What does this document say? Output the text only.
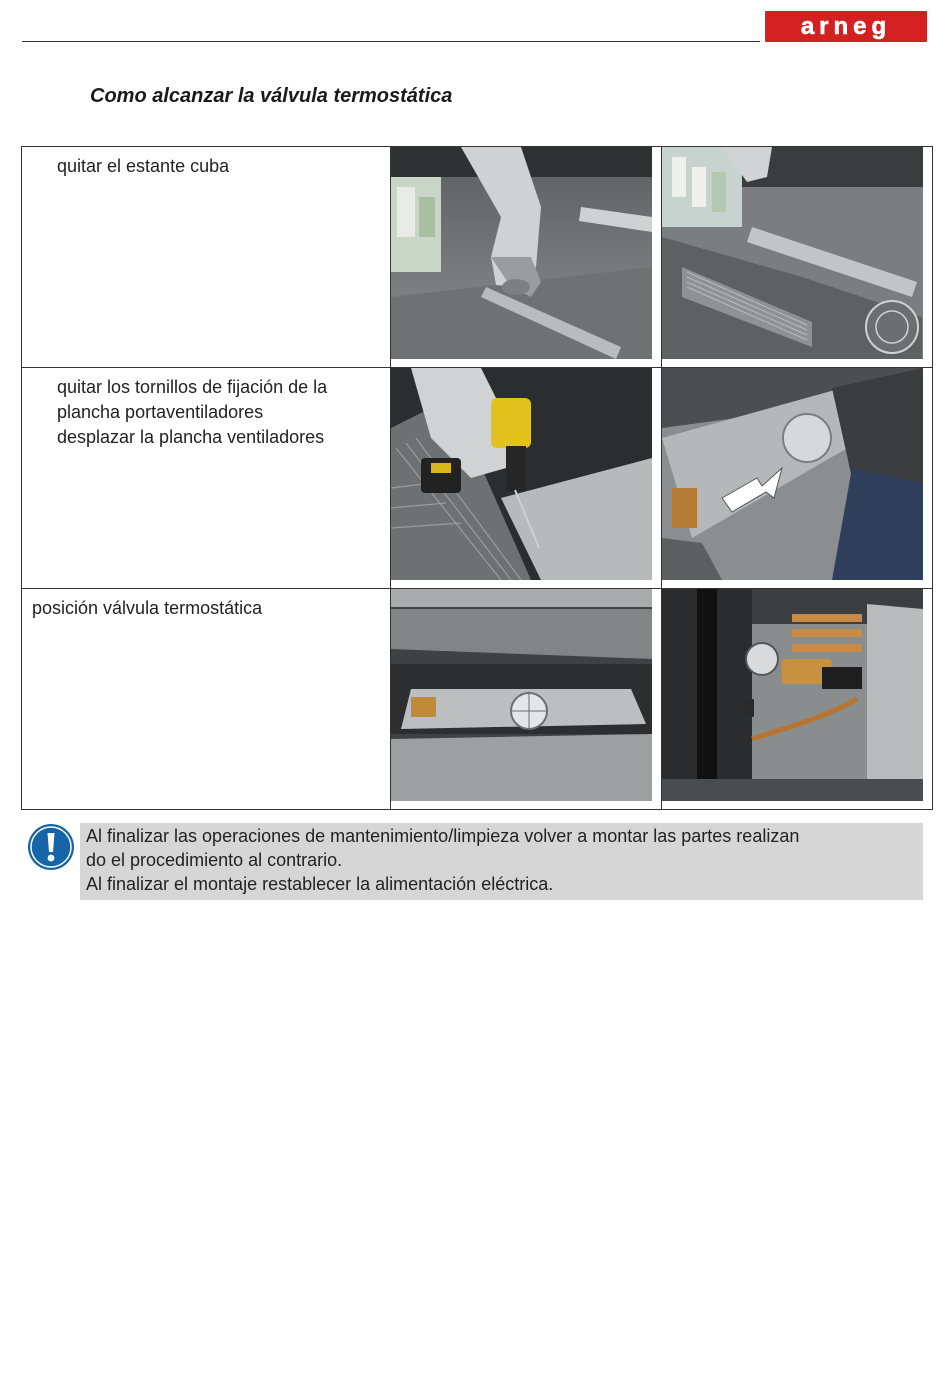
arneg
Como alcanzar la válvula termostática
quitar el estante cuba

quitar los tornillos de fijación de la
plancha portaventiladores
desplazar la plancha ventiladores

posición válvula termostática

Al finalizar las operaciones de mantenimiento/limpieza volver a montar las partes realizan

do el procedimiento al contrario.

Al finalizar el montaje restablecer la alimentación eléctrica.
